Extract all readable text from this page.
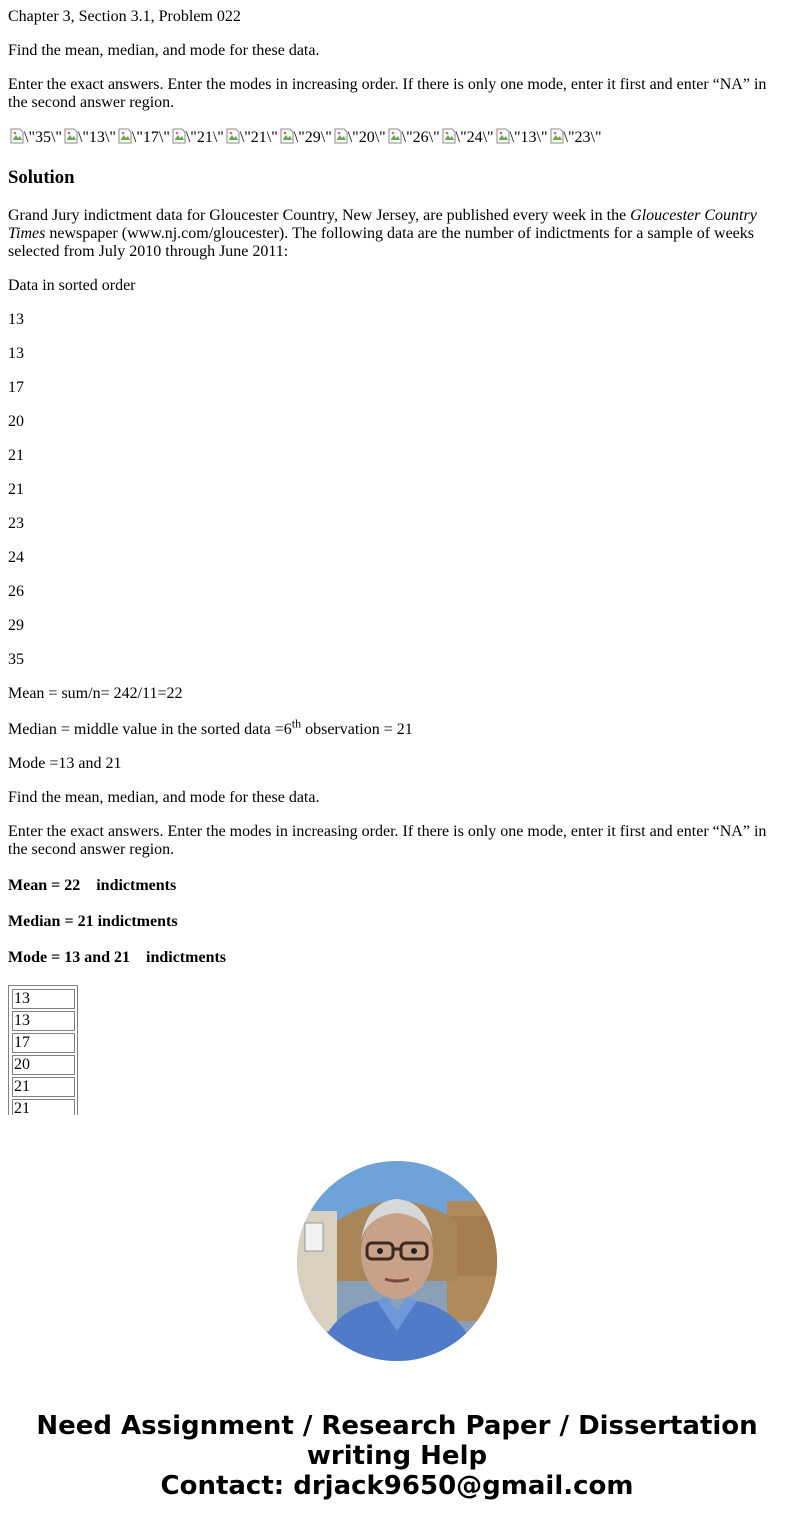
Chapter 3, Section 3.1, Problem 022

Find the mean, median, and mode for these data.

Enter the exact answers. Enter the modes in increasing order. If there is only one mode, enter it first and enter “NA” in the second answer region.

\"35\" \"13\" \"17\" \"21\" \"21\" \"29\" \"20\" \"26\" \"24\" \"13\" \"23\"
Solution

Grand Jury indictment data for Gloucester Country, New Jersey, are published every week in the Gloucester Country Times newspaper (www.nj.com/gloucester). The following data are the number of indictments for a sample of weeks selected from July 2010 through June 2011:

Data in sorted order

13

13

17

20

21

21

23

24

26

29

35

Mean = sum/n= 242/11=22

Median = middle value in the sorted data =6th observation = 21

Mode =13 and 21

Find the mean, median, and mode for these data.

Enter the exact answers. Enter the modes in increasing order. If there is only one mode, enter it first and enter “NA” in the second answer region.

Mean = 22 indictments

Median = 21 indictments

Mode = 13 and 21 indictments

13
13
17
20
21
21
Need Assignment / Research Paper / Dissertation
writing Help
Contact: drjack9650@gmail.com
